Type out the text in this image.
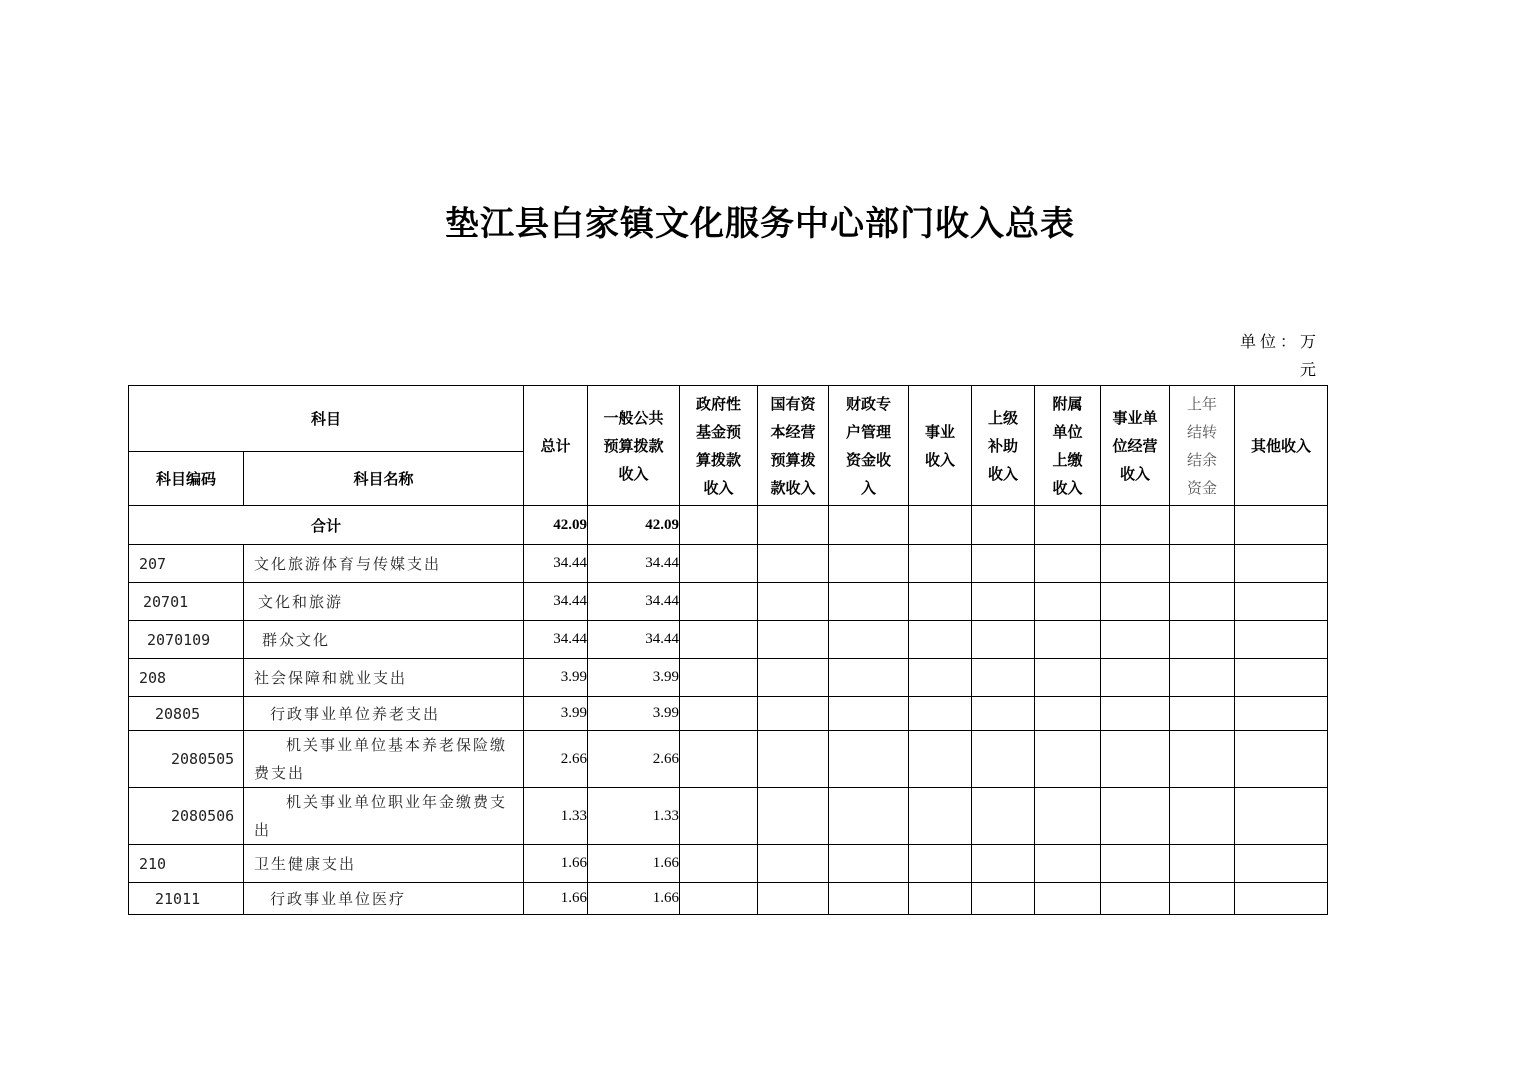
垫江县白家镇文化服务中心部门收入总表
单位：万元
科目		总计	一般公共预算拨款收入	政府性基金预算拨款收入	国有资本经营预算拨款收入	财政专户管理资金收入	事业收入	上级补助收入	附属单位上缴收入	事业单位经营收入	上年结转结余资金	其他收入
科目编码	科目名称											
合计		42.09	42.09									
207	文化旅游体育与传媒支出	34.44	34.44									
20701	文化和旅游	34.44	34.44									
2070109	群众文化	34.44	34.44									
208	社会保障和就业支出	3.99	3.99									
20805	行政事业单位养老支出	3.99	3.99									
2080505	机关事业单位基本养老保险缴费支出	2.66	2.66									
2080506	机关事业单位职业年金缴费支出	1.33	1.33									
210	卫生健康支出	1.66	1.66									
21011	行政事业单位医疗	1.66	1.66									
